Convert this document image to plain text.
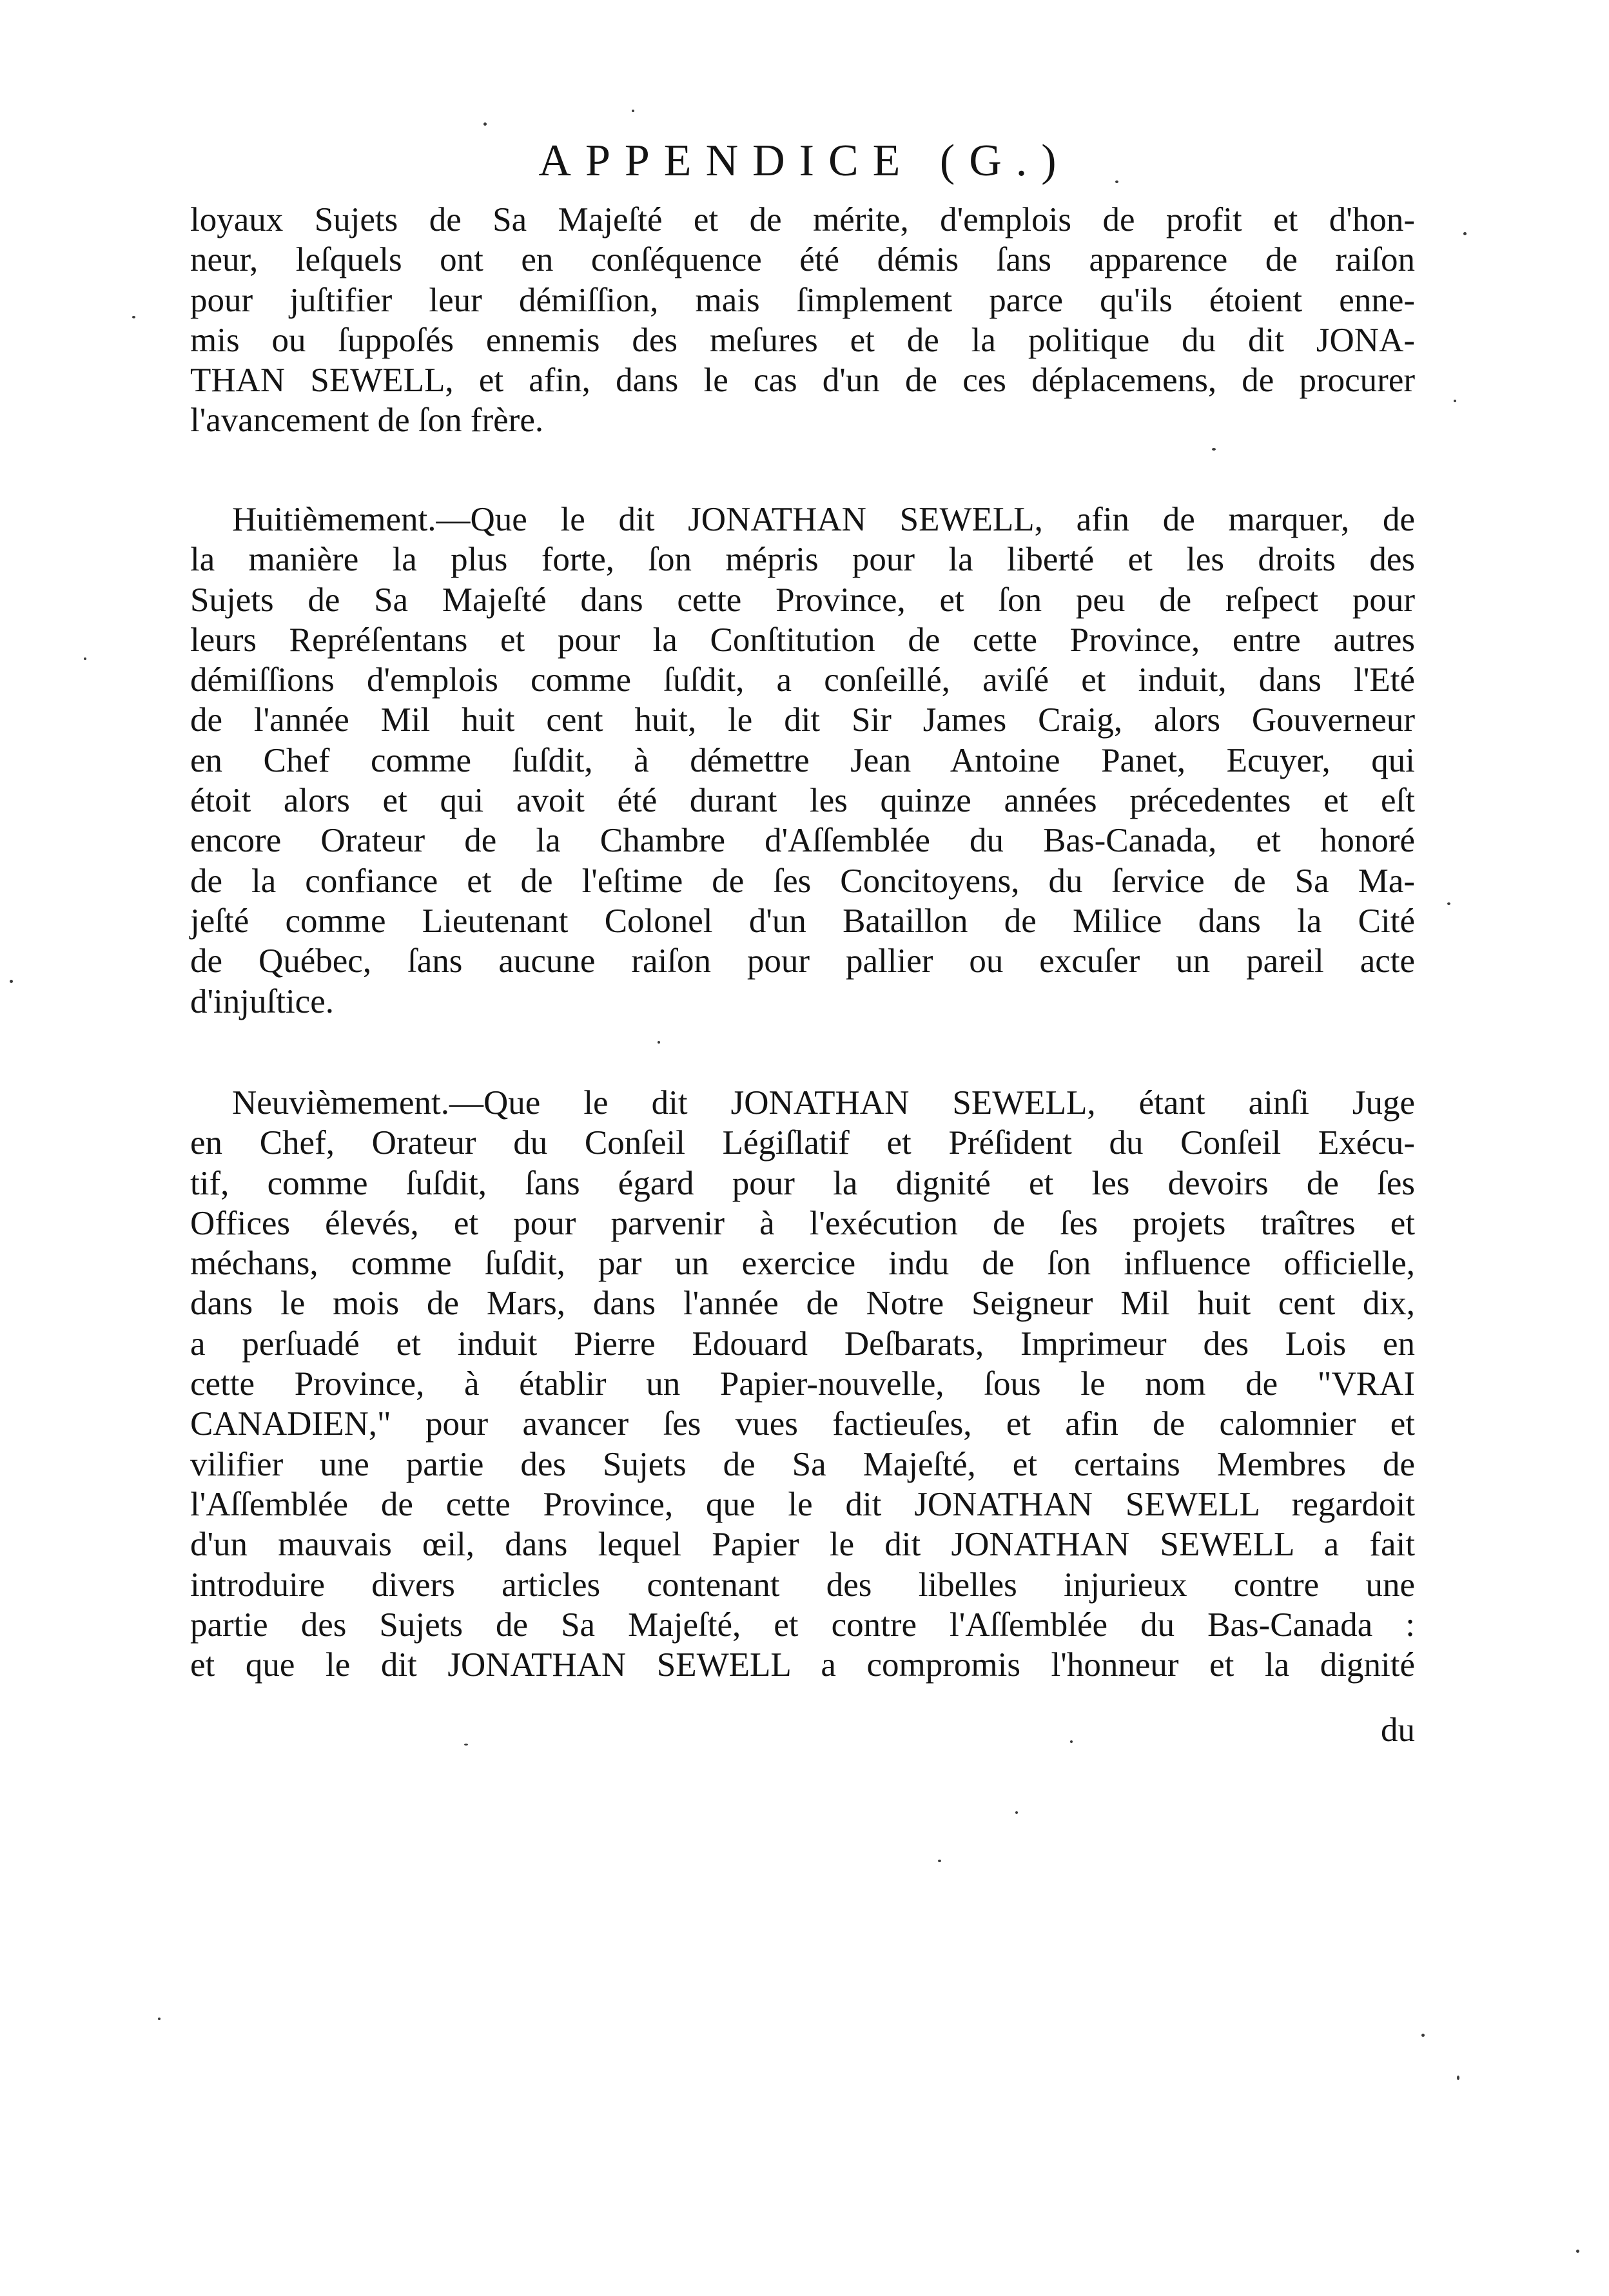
APPENDICE (G.)
loyaux Sujets de Sa Majeſté et de mérite, d'emplois de profit et d'hon-
neur, leſquels ont en conſéquence été démis ſans apparence de raiſon
pour juſtifier leur démiſſion, mais ſimplement parce qu'ils étoient enne-
mis ou ſuppoſés ennemis des meſures et de la politique du dit JONA-
THAN SEWELL, et afin, dans le cas d'un de ces déplacemens, de procurer
l'avancement de ſon frère.
Huitièmement.—Que le dit JONATHAN SEWELL, afin de marquer, de
la manière la plus forte, ſon mépris pour la liberté et les droits des
Sujets de Sa Majeſté dans cette Province, et ſon peu de reſpect pour
leurs Repréſentans et pour la Conſtitution de cette Province, entre autres
démiſſions d'emplois comme ſuſdit, a conſeillé, aviſé et induit, dans l'Eté
de l'année Mil huit cent huit, le dit Sir James Craig, alors Gouverneur
en Chef comme ſuſdit, à démettre Jean Antoine Panet, Ecuyer, qui
étoit alors et qui avoit été durant les quinze années précedentes et eſt
encore Orateur de la Chambre d'Aſſemblée du Bas-Canada, et honoré
de la confiance et de l'eſtime de ſes Concitoyens, du ſervice de Sa Ma-
jeſté comme Lieutenant Colonel d'un Bataillon de Milice dans la Cité
de Québec, ſans aucune raiſon pour pallier ou excuſer un pareil acte
d'injuſtice.
Neuvièmement.—Que le dit JONATHAN SEWELL, étant ainſi Juge
en Chef, Orateur du Conſeil Légiſlatif et Préſident du Conſeil Exécu-
tif, comme ſuſdit, ſans égard pour la dignité et les devoirs de ſes
Offices élevés, et pour parvenir à l'exécution de ſes projets traîtres et
méchans, comme ſuſdit, par un exercice indu de ſon influence officielle,
dans le mois de Mars, dans l'année de Notre Seigneur Mil huit cent dix,
a perſuadé et induit Pierre Edouard Deſbarats, Imprimeur des Lois en
cette Province, à établir un Papier-nouvelle, ſous le nom de "VRAI
CANADIEN," pour avancer ſes vues factieuſes, et afin de calomnier et
vilifier une partie des Sujets de Sa Majeſté, et certains Membres de
l'Aſſemblée de cette Province, que le dit JONATHAN SEWELL regardoit
d'un mauvais œil, dans lequel Papier le dit JONATHAN SEWELL a fait
introduire divers articles contenant des libelles injurieux contre une
partie des Sujets de Sa Majeſté, et contre l'Aſſemblée du Bas-Canada :
et que le dit JONATHAN SEWELL a compromis l'honneur et la dignité
du
